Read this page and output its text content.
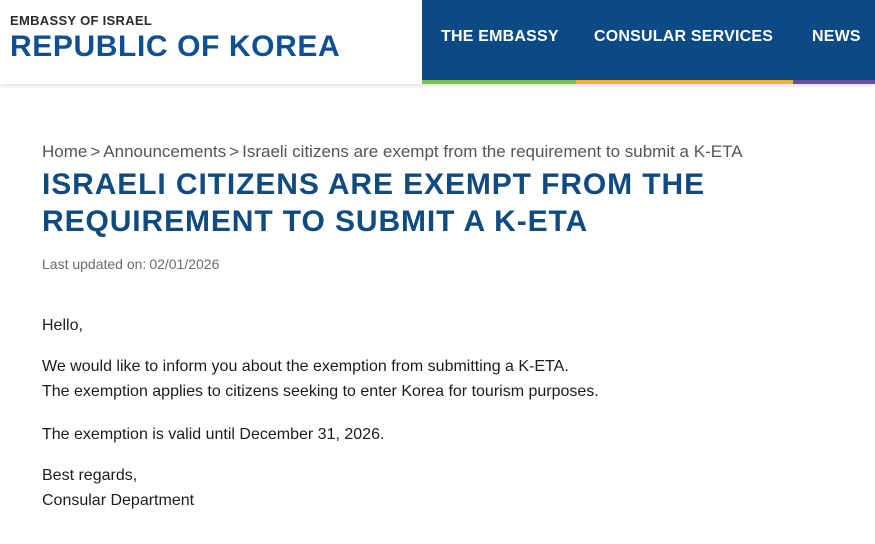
EMBASSY OF ISRAEL
REPUBLIC OF KOREA	THE EMBASSY CONSULAR SERVICES NEWS
Home > Announcements > Israeli citizens are exempt from the requirement to submit a K-ETA
ISRAELI CITIZENS ARE EXEMPT FROM THE REQUIREMENT TO SUBMIT A K-ETA
Last updated on: 02/01/2026

Hello,

We would like to inform you about the exemption from submitting a K-ETA.

The exemption applies to citizens seeking to enter Korea for tourism purposes.

The exemption is valid until December 31, 2026.

Best regards,

Consular Department
